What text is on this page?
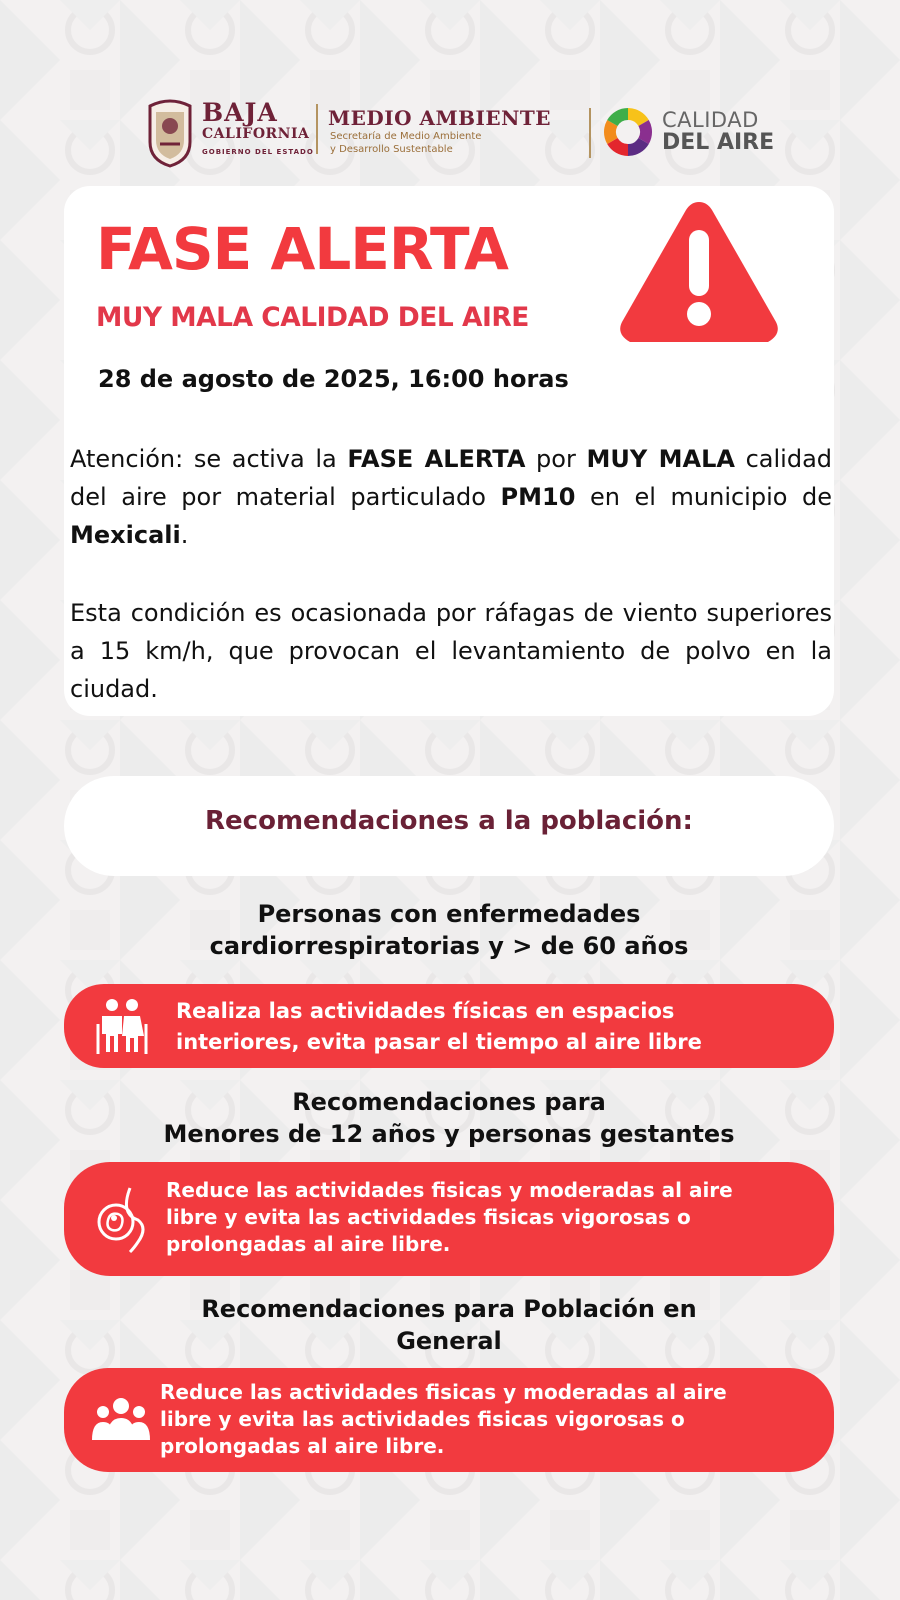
BAJA
CALIFORNIA
GOBIERNO DEL ESTADO
MEDIO AMBIENTE
Secretaría de Medio Ambiente
y Desarrollo Sustentable
CALIDAD
DEL AIRE
FASE ALERTA
MUY MALA CALIDAD DEL AIRE
28 de agosto de 2025, 16:00 horas
Atención: se activa la FASE ALERTA por MUY MALA calidad del aire por material particulado PM10 en el municipio de Mexicali.
Esta condición es ocasionada por ráfagas de viento superiores a 15 km/h, que provocan el levantamiento de polvo en la ciudad.
Recomendaciones a la población:
Personas con enfermedades
cardiorrespiratorias y > de 60 años
Realiza las actividades físicas en espacios
interiores, evita pasar el tiempo al aire libre
Recomendaciones para
Menores de 12 años y personas gestantes
Reduce las actividades fisicas y moderadas al aire
libre y evita las actividades fisicas vigorosas o
prolongadas al aire libre.
Recomendaciones para Población en
General
Reduce las actividades fisicas y moderadas al aire
libre y evita las actividades fisicas vigorosas o
prolongadas al aire libre.
